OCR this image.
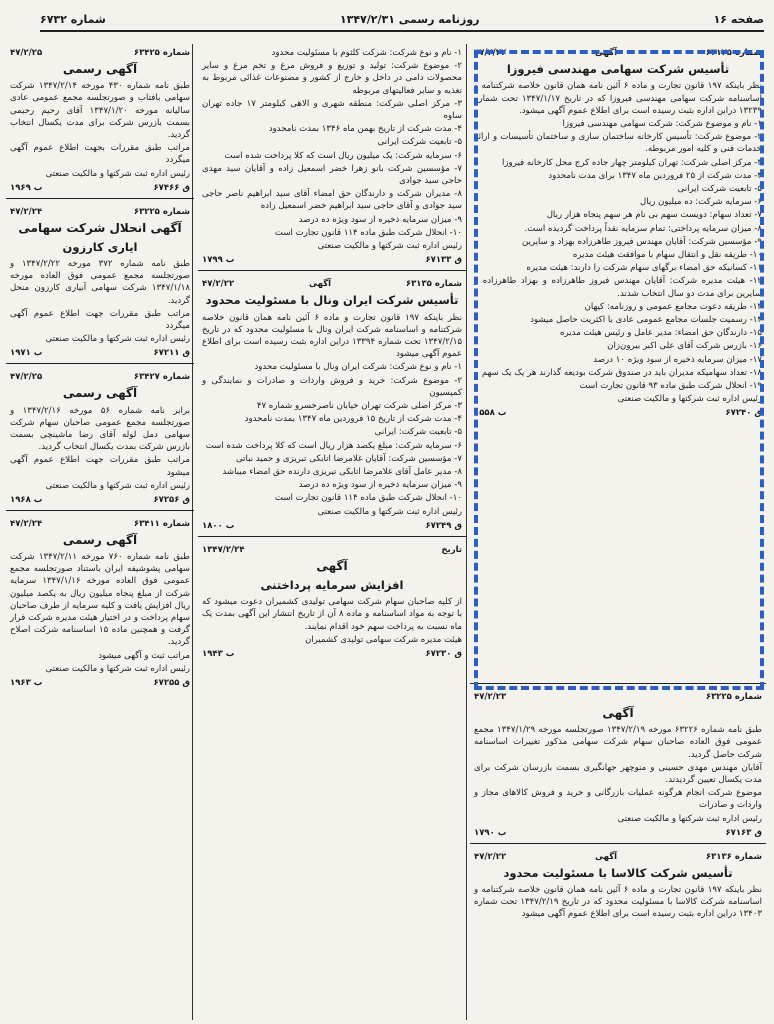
صفحه ۱۶
روزنامه رسمی ۱۳۴۷/۲/۳۱
شماره ۶۷۳۲
شماره ۶۳۱۲۵
آگهی
۴۷/۲/۲۲
تأسیس شرکت سهامی مهندسی فیروزا

نظر باینکه ۱۹۷ قانون تجارت و ماده ۶ آئین نامه همان قانون خلاصه شرکتنامه و اساسنامه شرکت سهامی مهندسی فیروزا که در تاریخ ۱۳۴۷/۱/۱۷ تحت شماره ۱۳۲۳۹ دراین اداره بثبت رسیده است برای اطلاع عموم آگهی میشود.

۱- نام و موضوع شرکت: شرکت سهامی مهندسی فیروزا

۲- موضوع شرکت: تأسیس کارخانه ساختمان سازی و ساختمان تأسیسات و ارائه خدمات فنی و کلیه امور مربوطه.

۳- مرکز اصلی شرکت: تهران کیلومتر چهار جاده کرج محل کارخانه فیروزا

۴- مدت شرکت از ۲۵ فروردین ماه ۱۳۴۷ برای مدت نامحدود

۵- تابعیت شرکت ایرانی

۶- سرمایه شرکت: ده میلیون ریال

۷- تعداد سهام: دویست سهم بی نام هر سهم پنجاه هزار ریال

۸- میزان سرمایه پرداختی: تمام سرمایه نقداً پرداخت گردیده است.

۹- مؤسسین شرکت: آقایان مهندس فیروز طاهرزاده بهزاد و سایرین

۱۰- طریقه نقل و انتقال سهام با موافقت هیئت مدیره

۱۱- کسانیکه حق امضاء برگهای سهام شرکت را دارند: هیئت مدیره

۱۲- هیئت مدیره شرکت: آقایان مهندس فیروز طاهرزاده و بهزاد طاهرزاده و سایرین برای مدت دو سال انتخاب شدند.

۱۳- طریقه دعوت مجامع عمومی و روزنامه: کیهان

۱۴- رسمیت جلسات مجامع عمومی عادی با اکثریت حاصل میشود

۱۵- دارندگان حق امضاء: مدیر عامل و رئیس هیئت مدیره

۱۶- بازرس شرکت آقای علی اکبر بیرون‌زان

۱۷- میزان سرمایه ذخیره از سود ویژه ۱۰ درصد

۱۸- تعداد سهامیکه مدیران باید در صندوق شرکت بودیعه گذارند هر یک یک سهم

۱۹- انحلال شرکت طبق ماده ۹۳ قانون تجارت است

رئیس اداره ثبت شرکتها و مالکیت صنعتی

ق ۶۷۲۴۰
ب ۱۵۵۸
شماره ۶۳۲۲۵
۴۷/۲/۲۳
آگهی

طبق نامه شماره ۶۳۲۲۶ مورخه ۱۳۴۷/۲/۱۹ صورتجلسه مورخه ۱۳۴۷/۱/۲۹ مجمع عمومی فوق العاده صاحبان سهام شرکت سهامی مذکور تغییرات اساسنامه شرکت حاصل گردید.

آقایان مهندس مهدی حسینی و منوچهر جهانگیری بسمت بازرسان شرکت برای مدت یکسال تعیین گردیدند.

موضوع شرکت انجام هرگونه عملیات بازرگانی و خرید و فروش کالاهای مجاز و واردات و صادرات

رئیس اداره ثبت شرکتها و مالکیت صنعتی

ق ۶۷۱۶۳
ب ۱۷۹۰
شماره ۶۳۱۳۶
آگهی
۴۷/۲/۲۲
تأسیس شرکت کالاسا با مسئولیت محدود

نظر باینکه ۱۹۷ قانون تجارت و ماده ۶ آئین نامه همان قانون خلاصه شرکتنامه و اساسنامه شرکت کالاسا با مسئولیت محدود که در تاریخ ۱۳۴۷/۲/۱۹ تحت شماره ۱۳۴۰۳ دراین اداره بثبت رسیده است برای اطلاع عموم آگهی میشود

۱- نام و نوع شرکت: شرکت کلثوم با مسئولیت محدود

۲- موضوع شرکت: تولید و توزیع و فروش مرغ و تخم مرغ و سایر محصولات دامی در داخل و خارج از کشور و مصنوعات غذائی مربوط به تغذیه و سایر فعالیتهای مربوطه

۳- مرکز اصلی شرکت: منطقه شهری و الاهی کیلومتر ۱۷ جاده تهران ساوه

۴- مدت شرکت از تاریخ بهمن ماه ۱۳۴۶ بمدت نامحدود

۵- تابعیت شرکت ایرانی

۶- سرمایه شرکت: یک میلیون ریال است که کلا پرداخت شده است

۷- مؤسسین شرکت بانو زهرا خضر اسمعیل زاده و آقایان سید مهدی حاجی سید جوادی

۸- مدیران شرکت و دارندگان حق امضاء آقای سید ابراهیم ناصر حاجی سید جوادی و آقای حاجی سید ابراهیم خضر اسمعیل زاده

۹- میزان سرمایه ذخیره از سود ویژه ده درصد

۱۰- انحلال شرکت طبق ماده ۱۱۴ قانون تجارت است

رئیس اداره ثبت شرکتها و مالکیت صنعتی

ق ۶۷۱۳۳
ب ۱۷۹۹
شماره ۶۳۱۳۵
آگهی
۴۷/۲/۲۲
تأسیس شرکت ایران ونال با مسئولیت محدود

نظر باینکه ۱۹۷ قانون تجارت و ماده ۶ آئین نامه همان قانون خلاصه شرکتنامه و اساسنامه شرکت ایران ونال با مسئولیت محدود که در تاریخ ۱۳۴۷/۲/۱۵ تحت شماره ۱۳۳۹۴ دراین اداره بثبت رسیده است برای اطلاع عموم آگهی میشود

۱- نام و نوع شرکت: شرکت ایران ونال با مسئولیت محدود

۲- موضوع شرکت: خرید و فروش واردات و صادرات و نمایندگی و کمیسیون

۳- مرکز اصلی شرکت تهران خیابان ناصرخسرو شماره ۴۷

۴- مدت شرکت از تاریخ ۱۵ فروردین ماه ۱۳۴۷ بمدت نامحدود

۵- تابعیت شرکت: ایرانی

۶- سرمایه شرکت: مبلغ یکصد هزار ریال است که کلا پرداخت شده است

۷- مؤسسین شرکت: آقایان غلامرضا اتابکی تبریزی و حمید نباتی

۸- مدیر عامل آقای غلامرضا اتابکی تبریزی دارنده حق امضاء میباشد

۹- میزان سرمایه ذخیره از سود ویژه ده درصد

۱۰- انحلال شرکت طبق ماده ۱۱۴ قانون تجارت است

رئیس اداره ثبت شرکتها و مالکیت صنعتی

ق ۶۷۲۴۹
ب ۱۸۰۰
تاریخ
۱۳۴۷/۲/۲۴
آگهی
افزایش سرمایه پرداختنی

از کلیه صاحبان سهام شرکت سهامی تولیدی کشمیران دعوت میشود که با توجه به مواد اساسنامه و ماده ۸ آن از تاریخ انتشار این آگهی بمدت یک ماه نسبت به پرداخت سهم خود اقدام نمایند.

هیئت مدیره شرکت سهامی تولیدی کشمیران

ق ۶۷۲۳۰
ب ۱۹۴۳
شماره ۶۳۴۲۵
۴۷/۲/۲۵
آگهی رسمی

طبق نامه شماره ۴۳۰ مورخه ۱۳۴۷/۲/۱۴ شرکت سهامی بافتاب و صورتجلسه مجمع عمومی عادی سالیانه مورخه ۱۳۴۷/۱/۲۰ آقای رحیم رحیمی بسمت بازرس شرکت برای مدت یکسال انتخاب گردید.

مراتب طبق مقررات بجهت اطلاع عموم آگهی میگردد

رئیس اداره ثبت شرکتها و مالکیت صنعتی

ق ۶۷۴۶۶
ب ۱۹۶۹
شماره ۶۳۲۲۵
۴۷/۲/۲۴
آگهی انحلال شرکت سهامی
ایاری کارزون

طبق نامه شماره ۳۷۲ مورخه ۱۳۴۷/۲/۲۲ و صورتجلسه مجمع عمومی فوق العاده مورخه ۱۳۴۷/۱/۱۸ شرکت سهامی آبیاری کارزون منحل گردید.

مراتب طبق مقررات جهت اطلاع عموم آگهی میگردد

رئیس اداره ثبت شرکتها و مالکیت صنعتی

ق ۶۷۲۱۱
ب ۱۹۷۱
شماره ۶۳۴۲۷
۴۷/۲/۲۵
آگهی رسمی

برابر نامه شماره ۵۶ مورخه ۱۳۴۷/۲/۱۶ و صورتجلسه مجمع عمومی صاحبان سهام شرکت سهامی دمل لوله آقای رضا ماشینچی بسمت بازرس شرکت بمدت یکسال انتخاب گردید.

مراتب طبق مقررات جهت اطلاع عموم آگهی میشود

رئیس اداره ثبت شرکتها و مالکیت صنعتی

ق ۶۷۲۵۶
ب ۱۹۶۸
شماره ۶۳۴۱۱
۴۷/۲/۲۴
آگهی رسمی

طبق نامه شماره ۷۶۰ مورخه ۱۳۴۷/۲/۱۱ شرکت سهامی پشوشیفه ایران باستناد صورتجلسه مجمع عمومی فوق العاده مورخه ۱۳۴۷/۱/۱۶ سرمایه شرکت از مبلغ پنجاه میلیون ریال به یکصد میلیون ریال افزایش یافت و کلیه سرمایه از طرف صاحبان سهام پرداخت و در اختیار هیئت مدیره شرکت قرار گرفت و همچنین ماده ۱۵ اساسنامه شرکت اصلاح گردید.

مراتب ثبت و آگهی میشود

رئیس اداره ثبت شرکتها و مالکیت صنعتی

ق ۶۷۲۵۵
ب ۱۹۶۳
